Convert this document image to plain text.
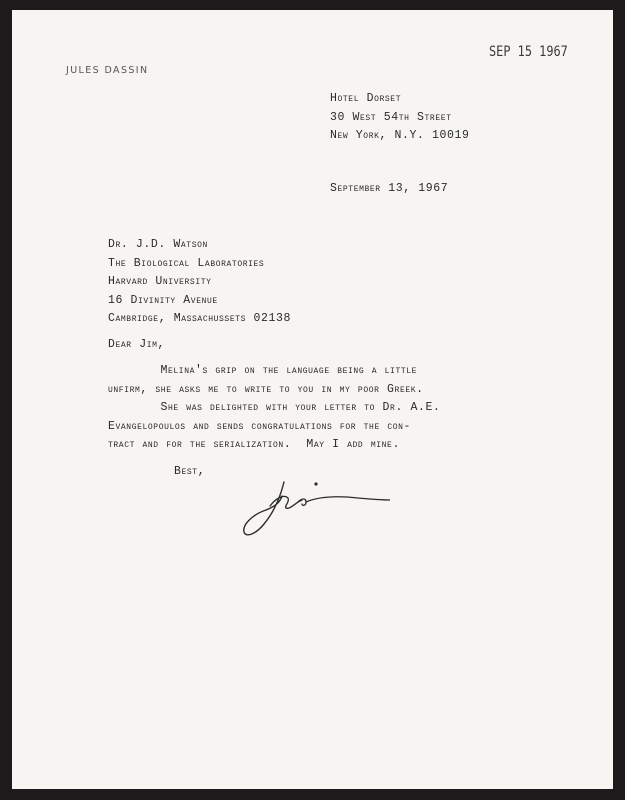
JULES DASSIN
SEP 15 1967
Hotel Dorset
30 West 54th Street
New York, N.Y. 10019
September 13, 1967
Dr. J.D. Watson
The Biological Laboratories
Harvard University
16 Divinity Avenue
Cambridge, Massachussets 02138
Dear Jim,
Melina's grip on the language being a little
unfirm, she asks me to write to you in my poor Greek.
She was delighted with your letter to Dr. A.E.
Evangelopoulos and sends congratulations for the con-
tract and for the serialization.  May I add mine.
Best,
